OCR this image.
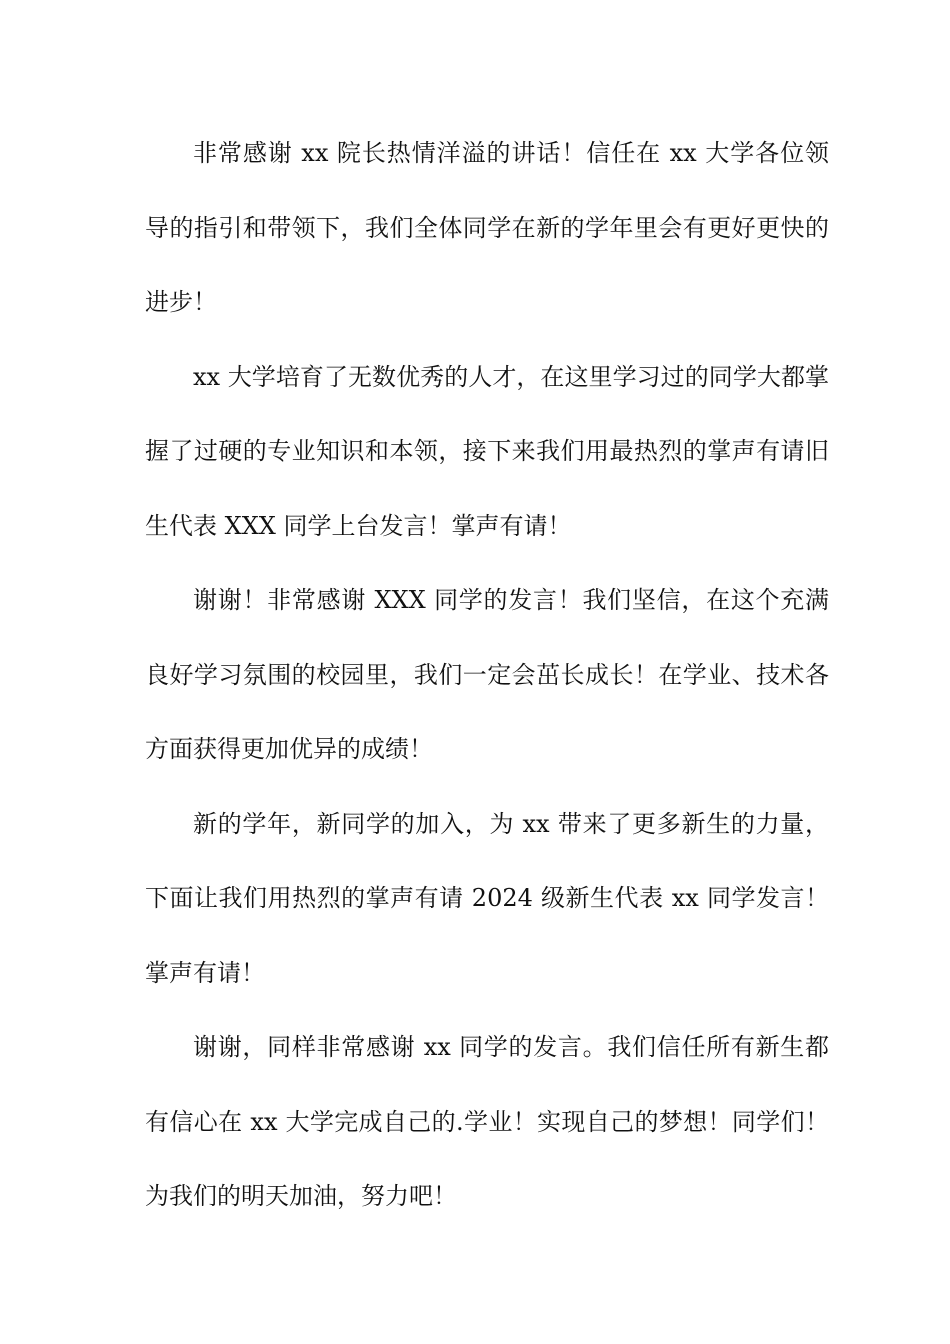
非常感谢 xx 院长热情洋溢的讲话！信任在 xx 大学各位领导的指引和带领下，我们全体同学在新的学年里会有更好更快的进步！

xx 大学培育了无数优秀的人才，在这里学习过的同学大都掌握了过硬的专业知识和本领，接下来我们用最热烈的掌声有请旧生代表 XXX 同学上台发言！掌声有请！

谢谢！非常感谢 XXX 同学的发言！我们坚信，在这个充满良好学习氛围的校园里，我们一定会茁长成长！在学业、技术各方面获得更加优异的成绩！

新的学年，新同学的加入，为 xx 带来了更多新生的力量，下面让我们用热烈的掌声有请 2024 级新生代表 xx 同学发言！掌声有请！

谢谢，同样非常感谢 xx 同学的发言。我们信任所有新生都有信心在 xx 大学完成自己的.学业！实现自己的梦想！同学们！为我们的明天加油，努力吧！
